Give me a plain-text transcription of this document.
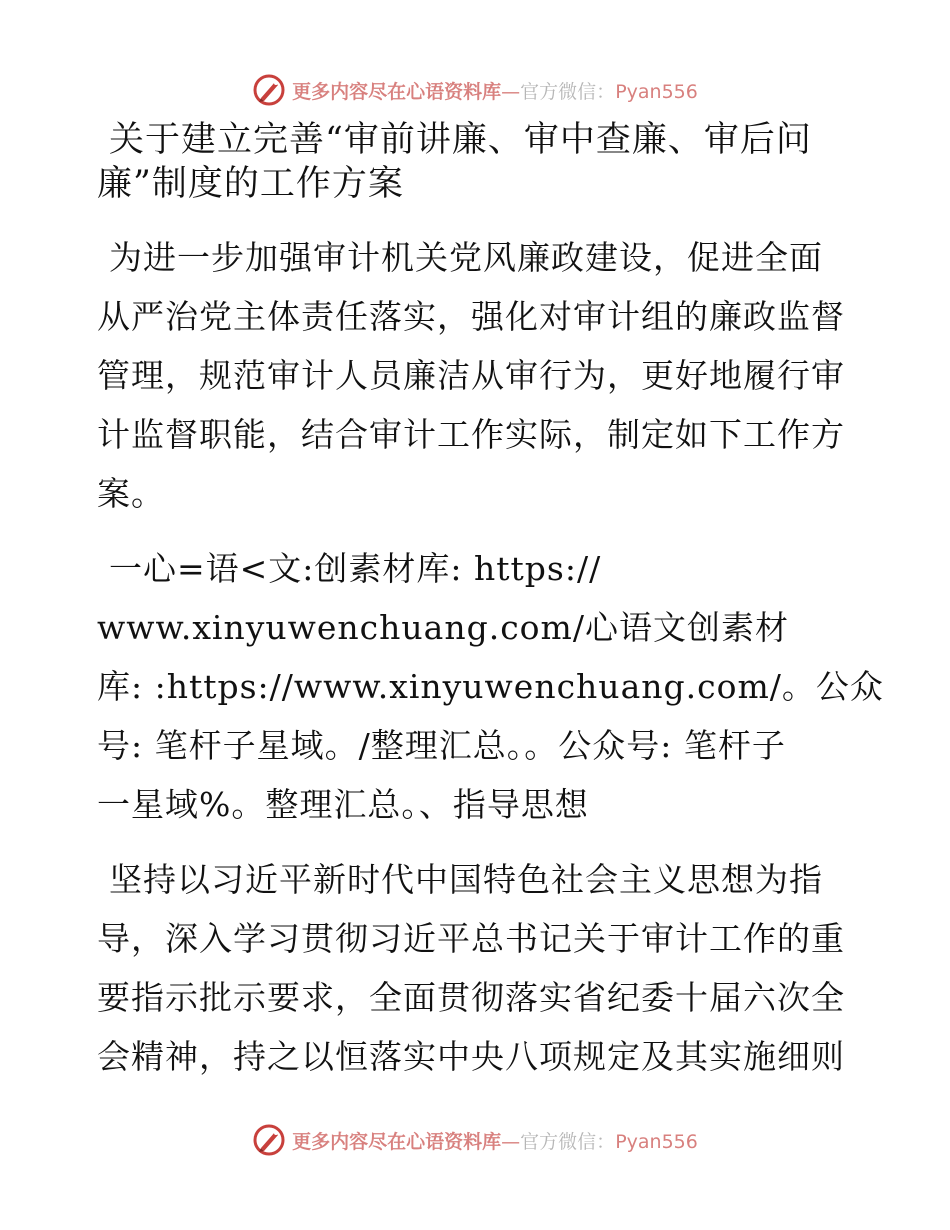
更多内容尽在心语资料库—官方微信：Pyan556
关于建立完善“审前讲廉、审中查廉、审后问
廉”制度的工作方案

为进一步加强审计机关党风廉政建设，促进全面
从严治党主体责任落实，强化对审计组的廉政监督
管理，规范审计人员廉洁从审行为，更好地履行审
计监督职能，结合审计工作实际，制定如下工作方
案。

一心=语<文:创素材库: https://
www.xinyuwenchuang.com/心语文创素材
库: :https://www.xinyuwenchuang.com/。公众
号: 笔杆子星域。/整理汇总。。公众号: 笔杆子
一星域%。整理汇总。、指导思想

坚持以习近平新时代中国特色社会主义思想为指
导，深入学习贯彻习近平总书记关于审计工作的重
要指示批示要求，全面贯彻落实省纪委十届六次全
会精神，持之以恒落实中央八项规定及其实施细则

更多内容尽在心语资料库—官方微信：Pyan556
